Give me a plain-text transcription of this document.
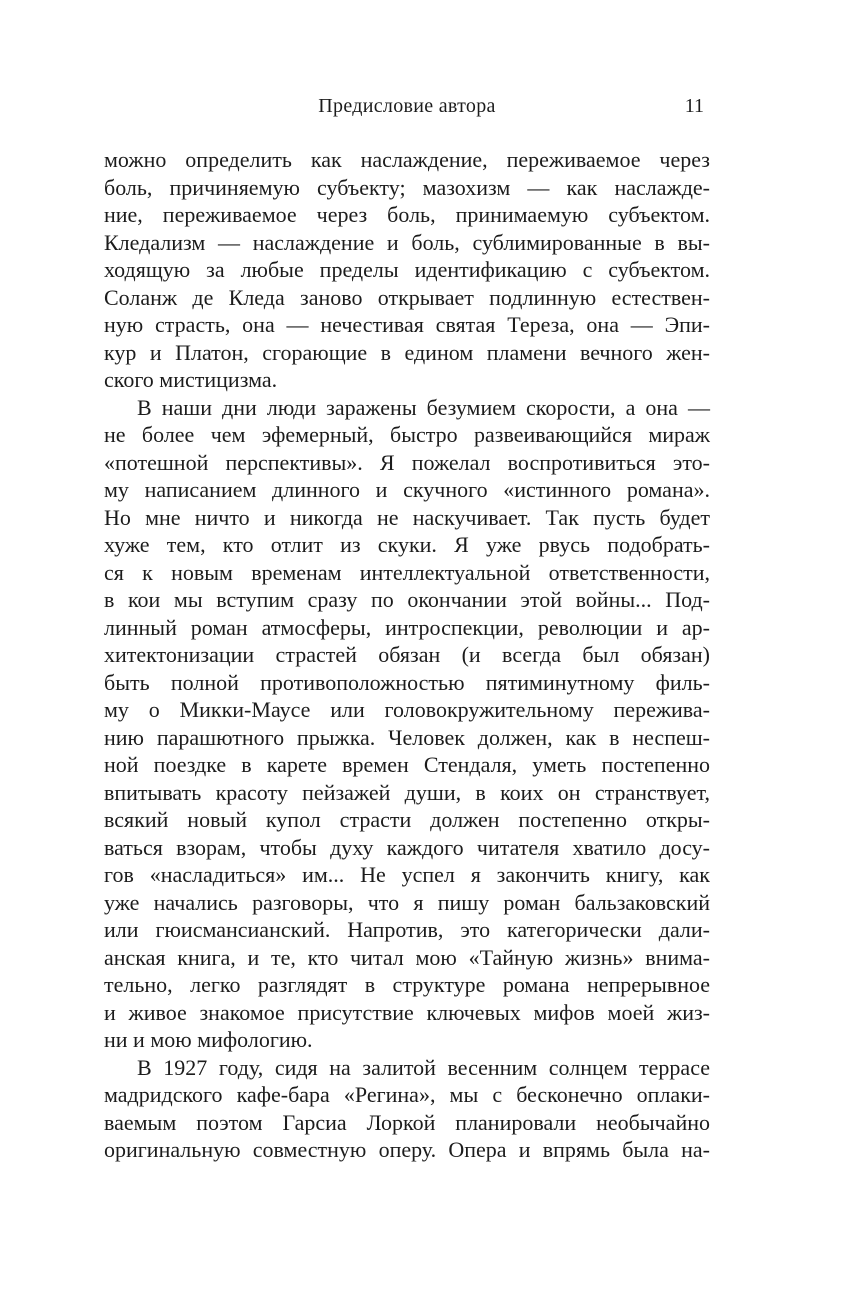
Предисловие автора	11
можно определить как наслаждение, переживаемое через
боль, причиняемую субъекту; мазохизм — как наслажде-
ние, переживаемое через боль, принимаемую субъектом.
Кледализм — наслаждение и боль, сублимированные в вы-
ходящую за любые пределы идентификацию с субъектом.
Соланж де Кледа заново открывает подлинную естествен-
ную страсть, она — нечестивая святая Тереза, она — Эпи-
кур и Платон, сгорающие в едином пламени вечного жен-
ского мистицизма.
В наши дни люди заражены безумием скорости, а она —
не более чем эфемерный, быстро развеивающийся мираж
«потешной перспективы». Я пожелал воспротивиться это-
му написанием длинного и скучного «истинного романа».
Но мне ничто и никогда не наскучивает. Так пусть будет
хуже тем, кто отлит из скуки. Я уже рвусь подобрать-
ся к новым временам интеллектуальной ответственности,
в кои мы вступим сразу по окончании этой войны... Под-
линный роман атмосферы, интроспекции, революции и ар-
хитектонизации страстей обязан (и всегда был обязан)
быть полной противоположностью пятиминутному филь-
му о Микки-Маусе или головокружительному пережива-
нию парашютного прыжка. Человек должен, как в неспеш-
ной поездке в карете времен Стендаля, уметь постепенно
впитывать красоту пейзажей души, в коих он странствует,
всякий новый купол страсти должен постепенно откры-
ваться взорам, чтобы духу каждого читателя хватило досу-
гов «насладиться» им... Не успел я закончить книгу, как
уже начались разговоры, что я пишу роман бальзаковский
или гюисмансианский. Напротив, это категорически дали-
анская книга, и те, кто читал мою «Тайную жизнь» внима-
тельно, легко разглядят в структуре романа непрерывное
и живое знакомое присутствие ключевых мифов моей жиз-
ни и мою мифологию.
В 1927 году, сидя на залитой весенним солнцем террасе
мадридского кафе-бара «Регина», мы с бесконечно оплаки-
ваемым поэтом Гарсиа Лоркой планировали необычайно
оригинальную совместную оперу. Опера и впрямь была на-
